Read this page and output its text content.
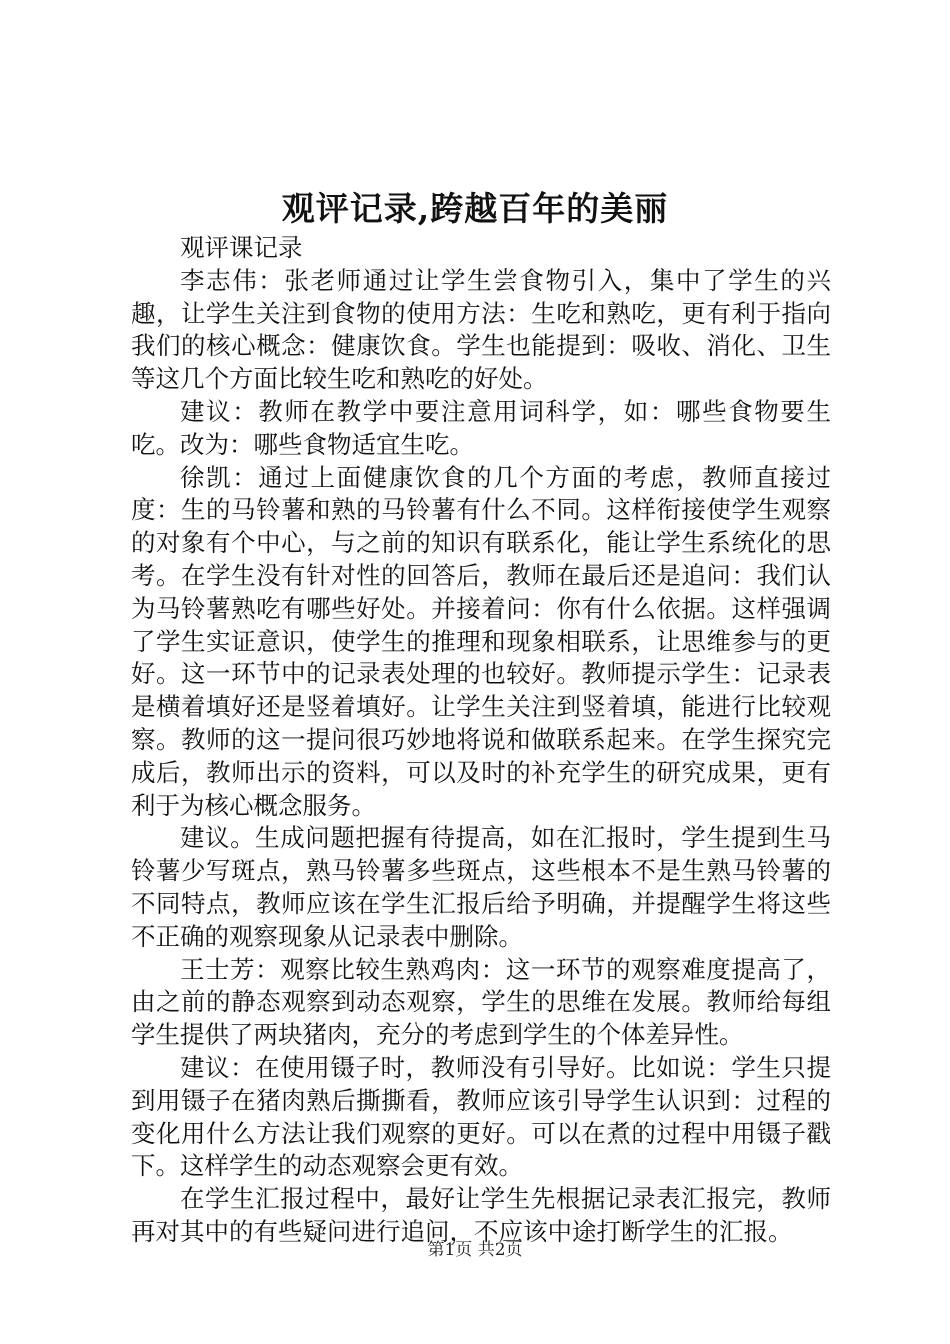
观评记录,跨越百年的美丽

观评课记录

李志伟：张老师通过让学生尝食物引入，集中了学生的兴趣，让学生关注到食物的使用方法：生吃和熟吃，更有利于指向我们的核心概念：健康饮食。学生也能提到：吸收、消化、卫生等这几个方面比较生吃和熟吃的好处。

建议：教师在教学中要注意用词科学，如：哪些食物要生吃。改为：哪些食物适宜生吃。

徐凯：通过上面健康饮食的几个方面的考虑，教师直接过度：生的马铃薯和熟的马铃薯有什么不同。这样衔接使学生观察的对象有个中心，与之前的知识有联系化，能让学生系统化的思考。在学生没有针对性的回答后，教师在最后还是追问：我们认为马铃薯熟吃有哪些好处。并接着问：你有什么依据。这样强调了学生实证意识，使学生的推理和现象相联系，让思维参与的更好。这一环节中的记录表处理的也较好。教师提示学生：记录表是横着填好还是竖着填好。让学生关注到竖着填，能进行比较观察。教师的这一提问很巧妙地将说和做联系起来。在学生探究完成后，教师出示的资料，可以及时的补充学生的研究成果，更有利于为核心概念服务。

建议。生成问题把握有待提高，如在汇报时，学生提到生马铃薯少写斑点，熟马铃薯多些斑点，这些根本不是生熟马铃薯的不同特点，教师应该在学生汇报后给予明确，并提醒学生将这些不正确的观察现象从记录表中删除。

王士芳：观察比较生熟鸡肉：这一环节的观察难度提高了，由之前的静态观察到动态观察，学生的思维在发展。教师给每组学生提供了两块猪肉，充分的考虑到学生的个体差异性。

建议：在使用镊子时，教师没有引导好。比如说：学生只提到用镊子在猪肉熟后撕撕看，教师应该引导学生认识到：过程的变化用什么方法让我们观察的更好。可以在煮的过程中用镊子戳下。这样学生的动态观察会更有效。

在学生汇报过程中，最好让学生先根据记录表汇报完，教师再对其中的有些疑问进行追问，不应该中途打断学生的汇报。

第1页 共2页
